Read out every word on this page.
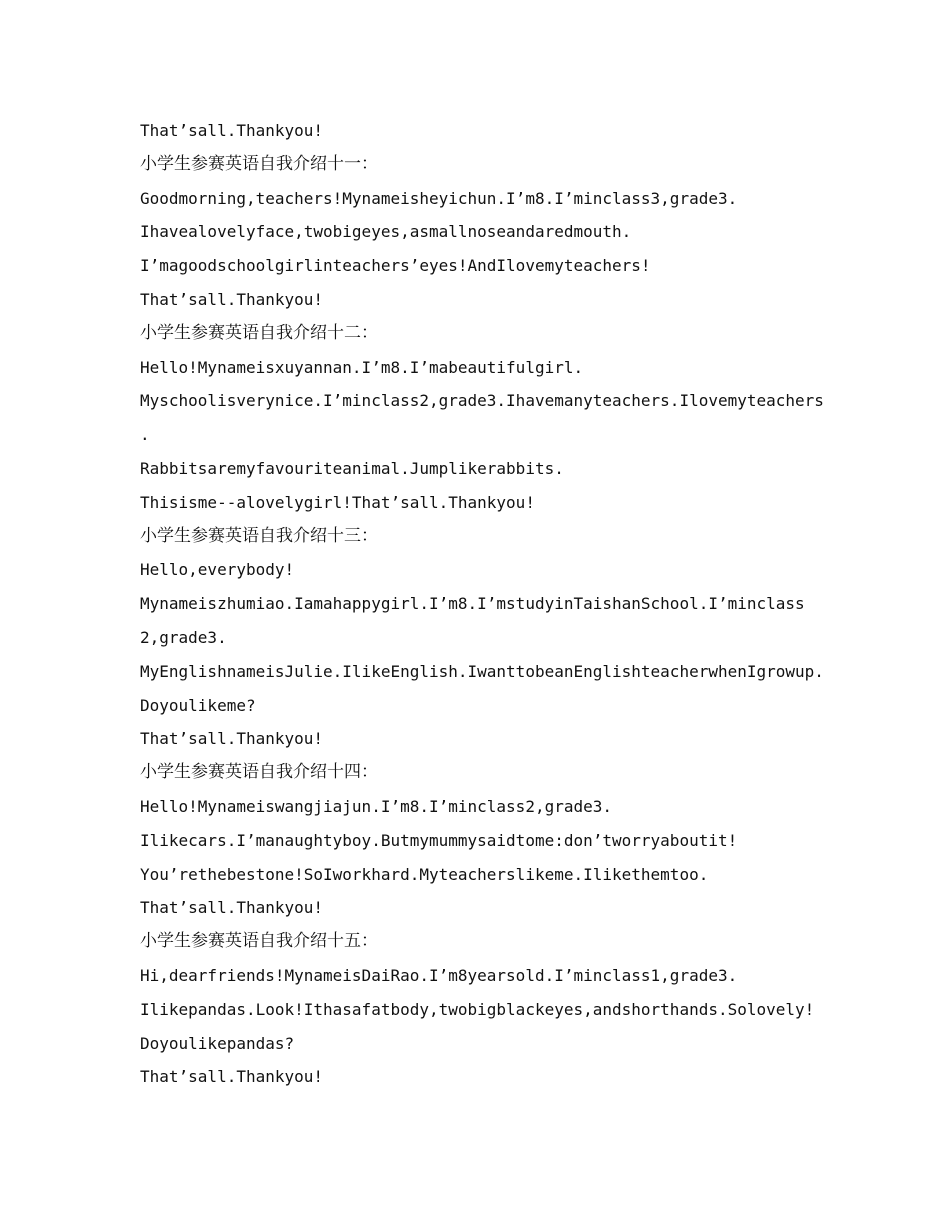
That’sall.Thankyou!

小学生参赛英语自我介绍十一：

Goodmorning,teachers!Mynameisheyichun.I’m8.I’minclass3,grade3.

Ihavealovelyface,twobigeyes,asmallnoseandaredmouth.

I’magoodschoolgirlinteachers’eyes!AndIlovemyteachers!

That’sall.Thankyou!

小学生参赛英语自我介绍十二：

Hello!Mynameisxuyannan.I’m8.I’mabeautifulgirl.

Myschoolisverynice.I’minclass2,grade3.Ihavemanyteachers.Ilovemyteachers

.

Rabbitsaremyfavouriteanimal.Jumplikerabbits.

Thisisme--alovelygirl!That’sall.Thankyou!

小学生参赛英语自我介绍十三：

Hello,everybody!

Mynameiszhumiao.Iamahappygirl.I’m8.I’mstudyinTaishanSchool.I’minclass

2,grade3.

MyEnglishnameisJulie.IlikeEnglish.IwanttobeanEnglishteacherwhenIgrowup.

Doyoulikeme?

That’sall.Thankyou!

小学生参赛英语自我介绍十四：

Hello!Mynameiswangjiajun.I’m8.I’minclass2,grade3.

Ilikecars.I’manaughtyboy.Butmymummysaidtome:don’tworryaboutit!

You’rethebestone!SoIworkhard.Myteacherslikeme.Ilikethemtoo.

That’sall.Thankyou!

小学生参赛英语自我介绍十五：

Hi,dearfriends!MynameisDaiRao.I’m8yearsold.I’minclass1,grade3.

Ilikepandas.Look!Ithasafatbody,twobigblackeyes,andshorthands.Solovely!

Doyoulikepandas?

That’sall.Thankyou!
